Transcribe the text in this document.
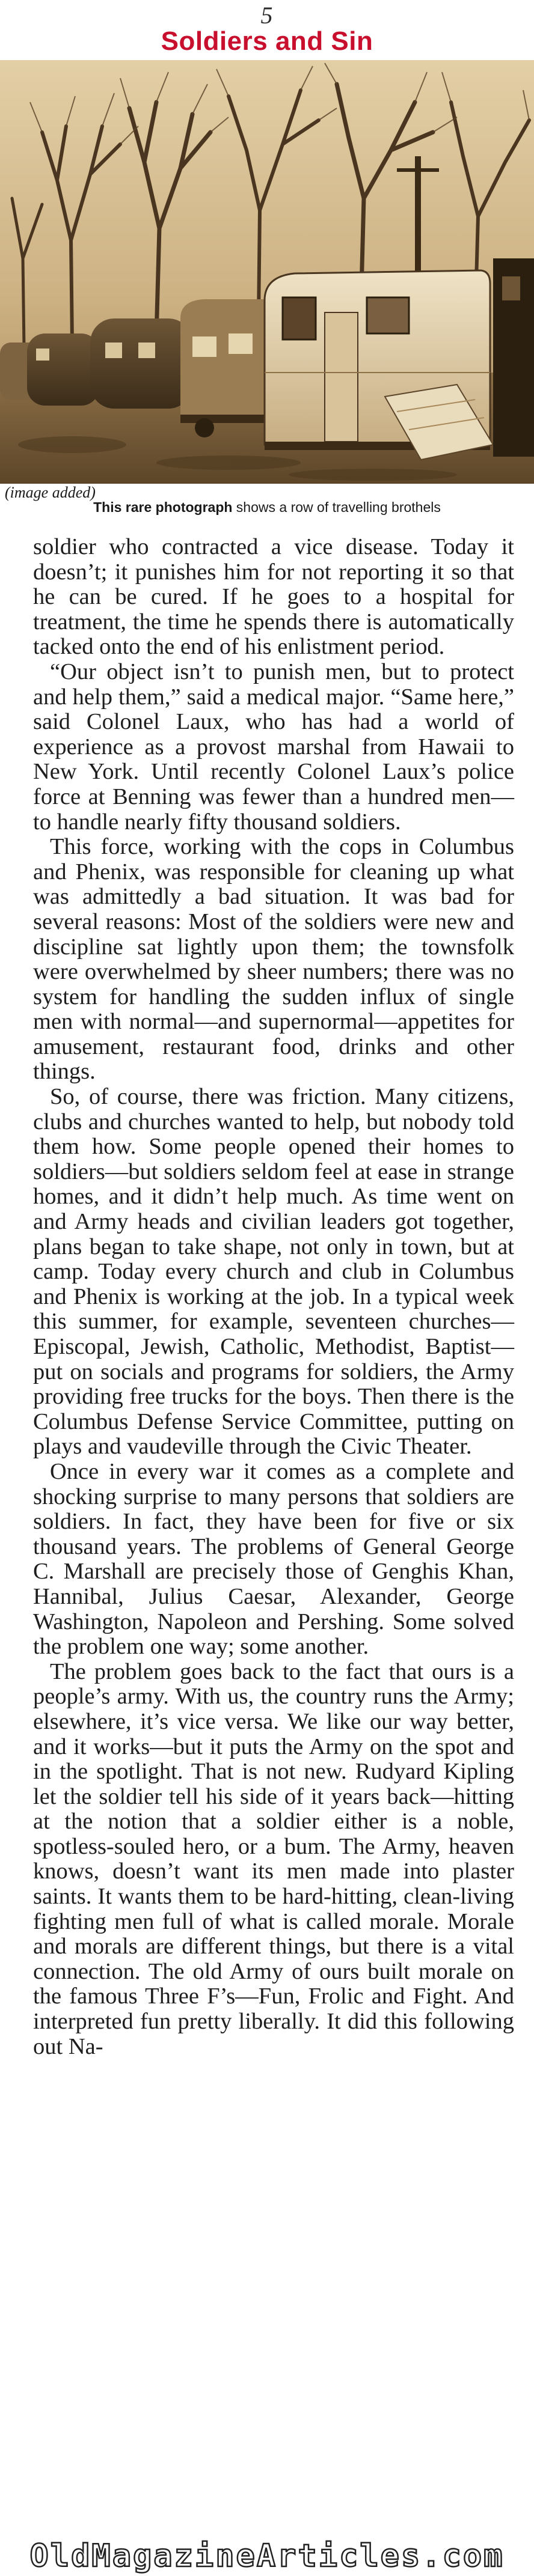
5
Soldiers and Sin
(image added)
This rare photograph shows a row of travelling brothels

soldier who contracted a vice disease. Today it doesn’t; it punishes him for not reporting it so that he can be cured. If he goes to a hospital for treatment, the time he spends there is automatically tacked onto the end of his enlistment period.

“Our object isn’t to punish men, but to protect and help them,” said a medical major. “Same here,” said Colonel Laux, who has had a world of experience as a provost marshal from Hawaii to New York. Until recently Colonel Laux’s police force at Benning was fewer than a hundred men—to handle nearly fifty thousand soldiers.

This force, working with the cops in Columbus and Phenix, was responsible for cleaning up what was admittedly a bad situation. It was bad for several reasons: Most of the soldiers were new and discipline sat lightly upon them; the townsfolk were overwhelmed by sheer numbers; there was no system for handling the sudden influx of single men with normal—and supernormal—appetites for amusement, restaurant food, drinks and other things.

So, of course, there was friction. Many citizens, clubs and churches wanted to help, but nobody told them how. Some people opened their homes to soldiers—but soldiers seldom feel at ease in strange homes, and it didn’t help much. As time went on and Army heads and civilian leaders got together, plans began to take shape, not only in town, but at camp. Today every church and club in Columbus and Phenix is working at the job. In a typical week this summer, for example, seventeen churches—Episcopal, Jewish, Catholic, Methodist, Baptist—put on socials and programs for soldiers, the Army providing free trucks for the boys. Then there is the Columbus Defense Service Committee, putting on plays and vaudeville through the Civic Theater.

Once in every war it comes as a complete and shocking surprise to many persons that soldiers are soldiers. In fact, they have been for five or six thousand years. The problems of General George C. Marshall are precisely those of Genghis Khan, Hannibal, Julius Caesar, Alexander, George Washington, Napoleon and Pershing. Some solved the problem one way; some another.

The problem goes back to the fact that ours is a people’s army. With us, the country runs the Army; elsewhere, it’s vice versa. We like our way better, and it works—but it puts the Army on the spot and in the spotlight. That is not new. Rudyard Kipling let the soldier tell his side of it years back—hitting at the notion that a soldier either is a noble, spotless-souled hero, or a bum. The Army, heaven knows, doesn’t want its men made into plaster saints. It wants them to be hard-hitting, clean-living fighting men full of what is called morale. Morale and morals are different things, but there is a vital connection. The old Army of ours built morale on the famous Three F’s—Fun, Frolic and Fight. And interpreted fun pretty liberally. It did this following out Na-

OldMagazineArticles.com
